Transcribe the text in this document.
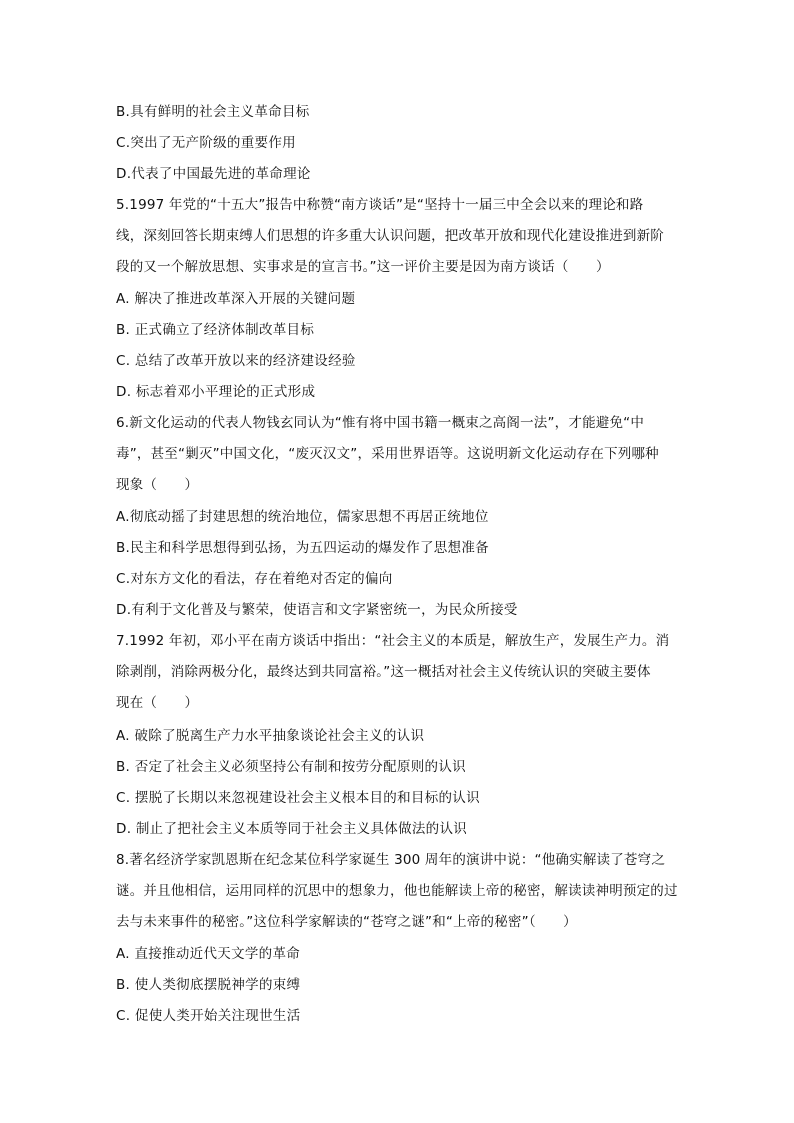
B.具有鲜明的社会主义革命目标
C.突出了无产阶级的重要作用
D.代表了中国最先进的革命理论
5.1997 年党的“十五大”报告中称赞“南方谈话”是“坚持十一届三中全会以来的理论和路
线，深刻回答长期束缚人们思想的许多重大认识问题，把改革开放和现代化建设推进到新阶
段的又一个解放思想、实事求是的宣言书。”这一评价主要是因为南方谈话（　　）
A. 解决了推进改革深入开展的关键问题
B. 正式确立了经济体制改革目标
C. 总结了改革开放以来的经济建设经验
D. 标志着邓小平理论的正式形成
6.新文化运动的代表人物钱玄同认为“惟有将中国书籍一概束之高阁一法”，才能避免“中
毒”，甚至“剿灭”中国文化，“废灭汉文”，采用世界语等。这说明新文化运动存在下列哪种
现象（　　）
A.彻底动摇了封建思想的统治地位，儒家思想不再居正统地位
B.民主和科学思想得到弘扬，为五四运动的爆发作了思想准备
C.对东方文化的看法，存在着绝对否定的偏向
D.有利于文化普及与繁荣，使语言和文字紧密统一，为民众所接受
7.1992 年初，邓小平在南方谈话中指出：“社会主义的本质是，解放生产，发展生产力。消
除剥削，消除两极分化，最终达到共同富裕。”这一概括对社会主义传统认识的突破主要体
现在（　　）
A. 破除了脱离生产力水平抽象谈论社会主义的认识
B. 否定了社会主义必须坚持公有制和按劳分配原则的认识
C. 摆脱了长期以来忽视建设社会主义根本目的和目标的认识
D. 制止了把社会主义本质等同于社会主义具体做法的认识
8.著名经济学家凯恩斯在纪念某位科学家诞生 300 周年的演讲中说：“他确实解读了苍穹之
谜。并且他相信，运用同样的沉思中的想象力，他也能解读上帝的秘密，解读读神明预定的过
去与未来事件的秘密。”这位科学家解读的“苍穹之谜”和“上帝的秘密”（　　）
A. 直接推动近代天文学的革命
B. 使人类彻底摆脱神学的束缚
C. 促使人类开始关注现世生活
